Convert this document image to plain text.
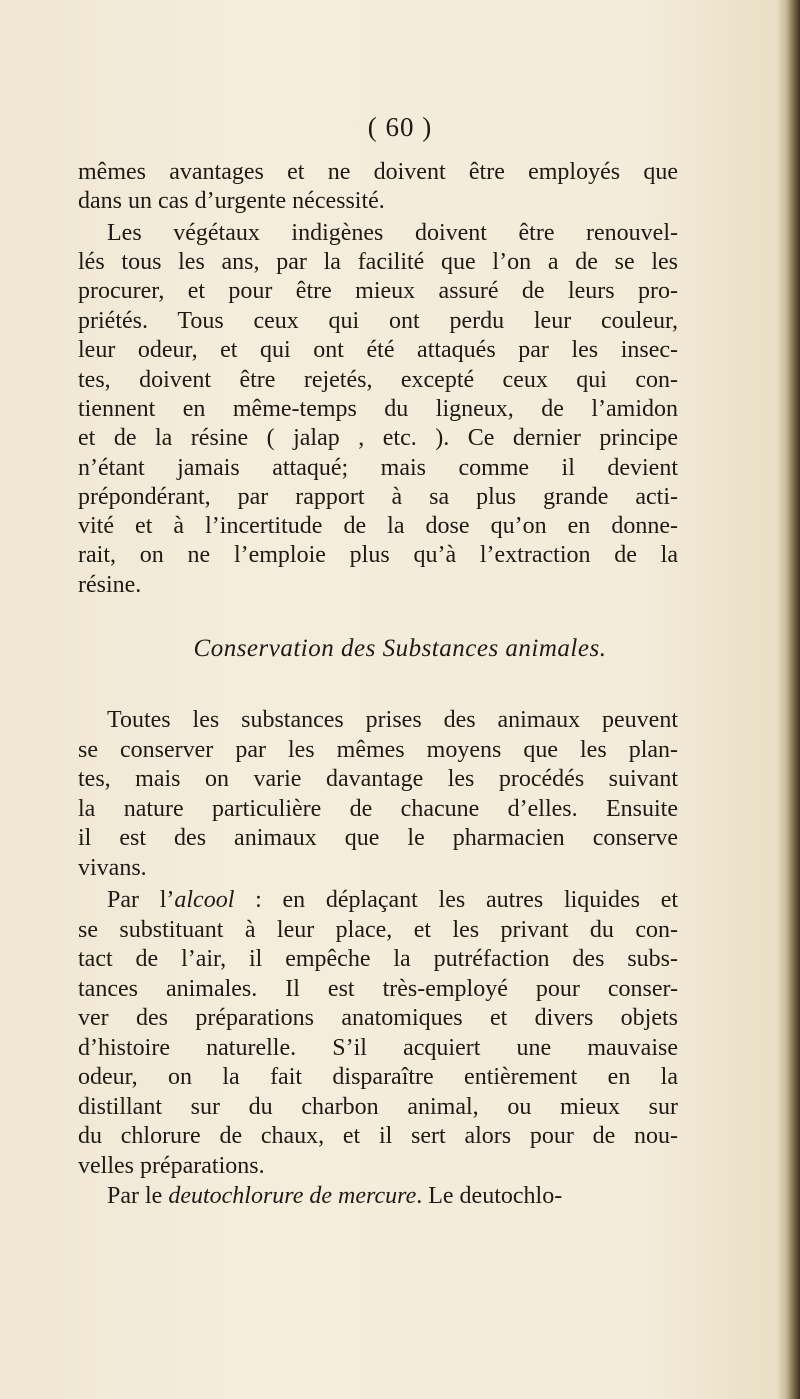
( 60 )
mêmes avantages et ne doivent être employés que
dans un cas d’urgente nécessité.
Les végétaux indigènes doivent être renouvel-
lés tous les ans, par la facilité que l’on a de se les
procurer, et pour être mieux assuré de leurs pro-
priétés. Tous ceux qui ont perdu leur couleur,
leur odeur, et qui ont été attaqués par les insec-
tes, doivent être rejetés, excepté ceux qui con-
tiennent en même-temps du ligneux, de l’amidon
et de la résine ( jalap , etc. ). Ce dernier principe
n’étant jamais attaqué; mais comme il devient
prépondérant, par rapport à sa plus grande acti-
vité et à l’incertitude de la dose qu’on en donne-
rait, on ne l’emploie plus qu’à l’extraction de la
résine.
Conservation des Substances animales.
Toutes les substances prises des animaux peuvent
se conserver par les mêmes moyens que les plan-
tes, mais on varie davantage les procédés suivant
la nature particulière de chacune d’elles. Ensuite
il est des animaux que le pharmacien conserve
vivans.
Par l’alcool : en déplaçant les autres liquides et
se substituant à leur place, et les privant du con-
tact de l’air, il empêche la putréfaction des subs-
tances animales. Il est très-employé pour conser-
ver des préparations anatomiques et divers objets
d’histoire naturelle. S’il acquiert une mauvaise
odeur, on la fait disparaître entièrement en la
distillant sur du charbon animal, ou mieux sur
du chlorure de chaux, et il sert alors pour de nou-
velles préparations.
Par le deutochlorure de mercure. Le deutochlo-
